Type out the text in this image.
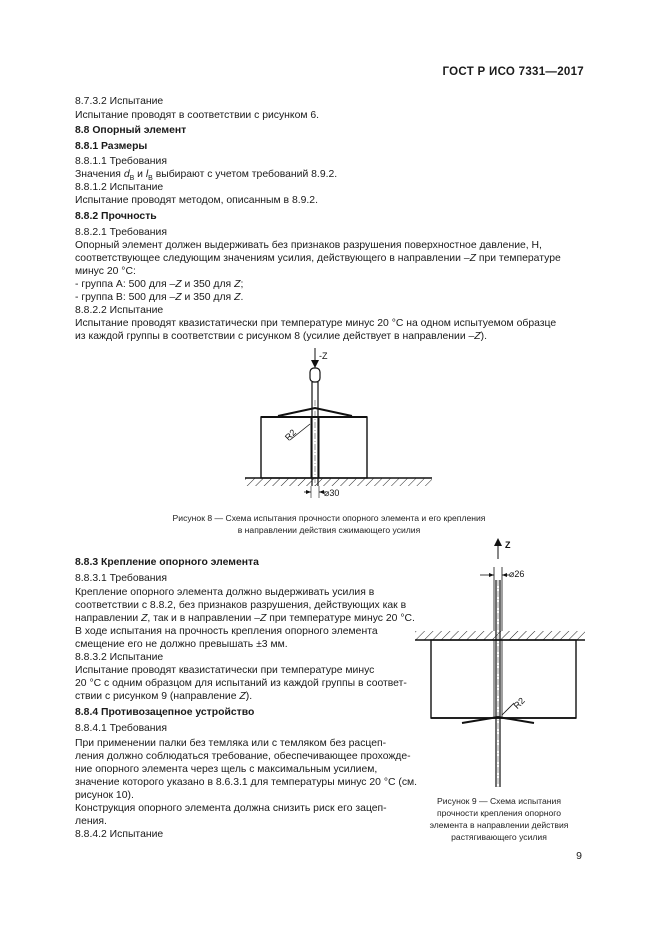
ГОСТ Р ИСО 7331—2017
8.7.3.2 Испытание
Испытание проводят в соответствии с рисунком 6.
8.8 Опорный элемент
8.8.1 Размеры
8.8.1.1 Требования
Значения $d_B$ и $l_B$ выбирают с учетом требований 8.9.2.
8.8.1.2 Испытание
Испытание проводят методом, описанным в 8.9.2.
8.8.2 Прочность
8.8.2.1 Требования
Опорный элемент должен выдерживать без признаков разрушения поверхностное давление, H,
соответствующее следующим значениям усилия, действующего в направлении –Z при температуре
минус 20 °C:
- группа A: 500 для –Z и 350 для Z;
- группа B: 500 для –Z и 350 для Z.
8.8.2.2 Испытание
Испытание проводят квазистатически при температуре минус 20 °C на одном испытуемом образце
из каждой группы в соответствии с рисунком 8 (усилие действует в направлении –Z).
-Z
R2
⌀30
Рисунок 8 — Схема испытания прочности опорного элемента и его крепления
в направлении действия сжимающего усилия
8.8.3 Крепление опорного элемента
8.8.3.1 Требования
Крепление опорного элемента должно выдерживать усилия в
соответствии с 8.8.2, без признаков разрушения, действующих как в
направлении Z, так и в направлении –Z при температуре минус 20 °C.
В ходе испытания на прочность крепления опорного элемента
смещение его не должно превышать ±3 мм.
8.8.3.2 Испытание
Испытание проводят квазистатически при температуре минус
20 °C с одним образцом для испытаний из каждой группы в соответ-
ствии с рисунком 9 (направление Z).
8.8.4 Противозацепное устройство
8.8.4.1 Требования
При применении палки без темляка или с темляком без расцеп-
ления должно соблюдаться требование, обеспечивающее прохожде-
ние опорного элемента через щель с максимальным усилием,
значение которого указано в 8.6.3.1 для температуры минус 20 °C (см.
рисунок 10).
Конструкция опорного элемента должна снизить риск его зацеп-
ления.
8.8.4.2 Испытание
Z
⌀26
R2
Рисунок 9 — Схема испытания
прочности крепления опорного
элемента в направлении действия
растягивающего усилия
9
